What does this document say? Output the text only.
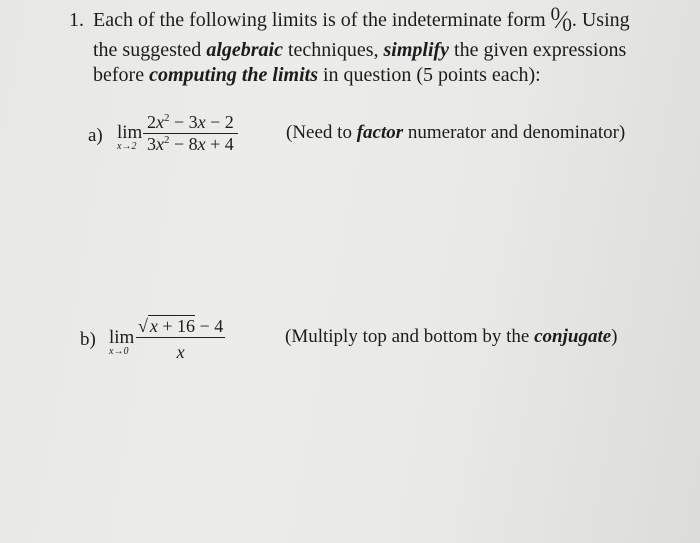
1. Each of the following limits is of the indeterminate form 0 ⁄ 0 . Using
the suggested algebraic techniques, simplify the given expressions
before computing the limits in question (5 points each):
a) lim
$x\to 2 \frac{2x^2 - 3x - 2}{3x^2 - 8x + 4}$	(Need to factor numerator and denominator)
b) lim
$x\to 0 \frac{√ x + 16 - 4}{x}$	(Multiply top and bottom by the conjugate)
